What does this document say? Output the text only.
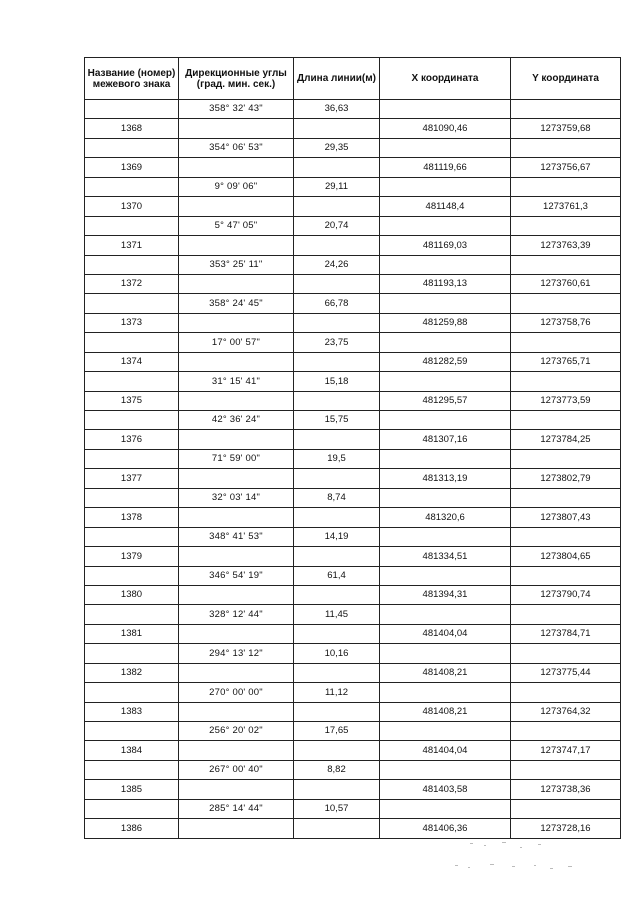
Название (номер) межевого знака	Дирекционные углы (град. мин. сек.)	Длина линии(м)	X координата	Y координата
	358° 32' 43"	36,63		
1368			481090,46	1273759,68
	354° 06' 53"	29,35		
1369			481119,66	1273756,67
	9° 09' 06"	29,11		
1370			481148,4	1273761,3
	5° 47' 05"	20,74		
1371			481169,03	1273763,39
	353° 25' 11"	24,26		
1372			481193,13	1273760,61
	358° 24' 45"	66,78		
1373			481259,88	1273758,76
	17° 00' 57"	23,75		
1374			481282,59	1273765,71
	31° 15' 41"	15,18		
1375			481295,57	1273773,59
	42° 36' 24"	15,75		
1376			481307,16	1273784,25
	71° 59' 00"	19,5		
1377			481313,19	1273802,79
	32° 03' 14"	8,74		
1378			481320,6	1273807,43
	348° 41' 53"	14,19		
1379			481334,51	1273804,65
	346° 54' 19"	61,4		
1380			481394,31	1273790,74
	328° 12' 44"	11,45		
1381			481404,04	1273784,71
	294° 13' 12"	10,16		
1382			481408,21	1273775,44
	270° 00' 00"	11,12		
1383			481408,21	1273764,32
	256° 20' 02"	17,65		
1384			481404,04	1273747,17
	267° 00' 40"	8,82		
1385			481403,58	1273738,36
	285° 14' 44"	10,57		
1386			481406,36	1273728,16
